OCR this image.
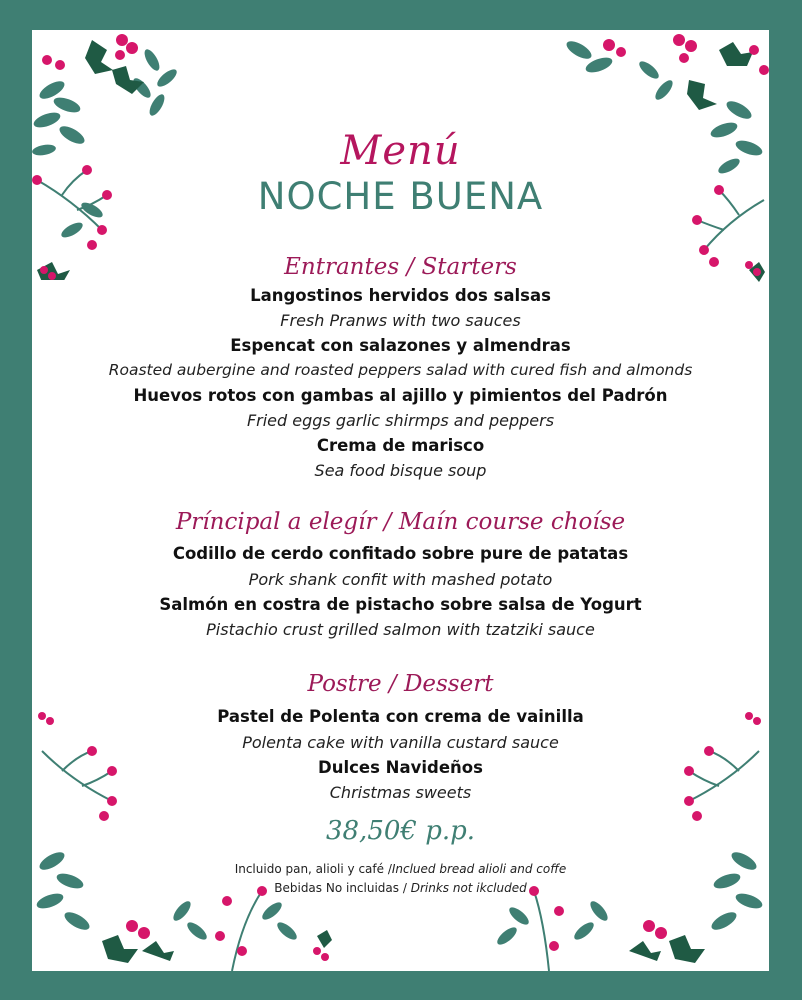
Menú
NOCHE BUENA
Entrantes / Starters
Langostinos hervidos dos salsas
Fresh Pranws with two sauces
Espencat con salazones y almendras
Roasted aubergine and roasted peppers salad with cured fish and almonds
Huevos rotos con gambas al ajillo y pimientos del Padrón
Fried eggs garlic shirmps and peppers
Crema de marisco
Sea food bisque soup
Príncipal a elegír / Maín course choíse
Codillo de cerdo confitado sobre pure de patatas
Pork shank confit with mashed potato
Salmón en costra de pistacho sobre salsa de Yogurt
Pistachio crust grilled salmon with tzatziki sauce
Postre / Dessert
Pastel de Polenta con crema de vainilla
Polenta cake with vanilla custard sauce
Dulces Navideños
Christmas sweets
38,50€ p.p.
Incluido pan, alioli y café /Inclued bread alioli and coffe
Bebidas No incluidas / Drinks not ikcluded
